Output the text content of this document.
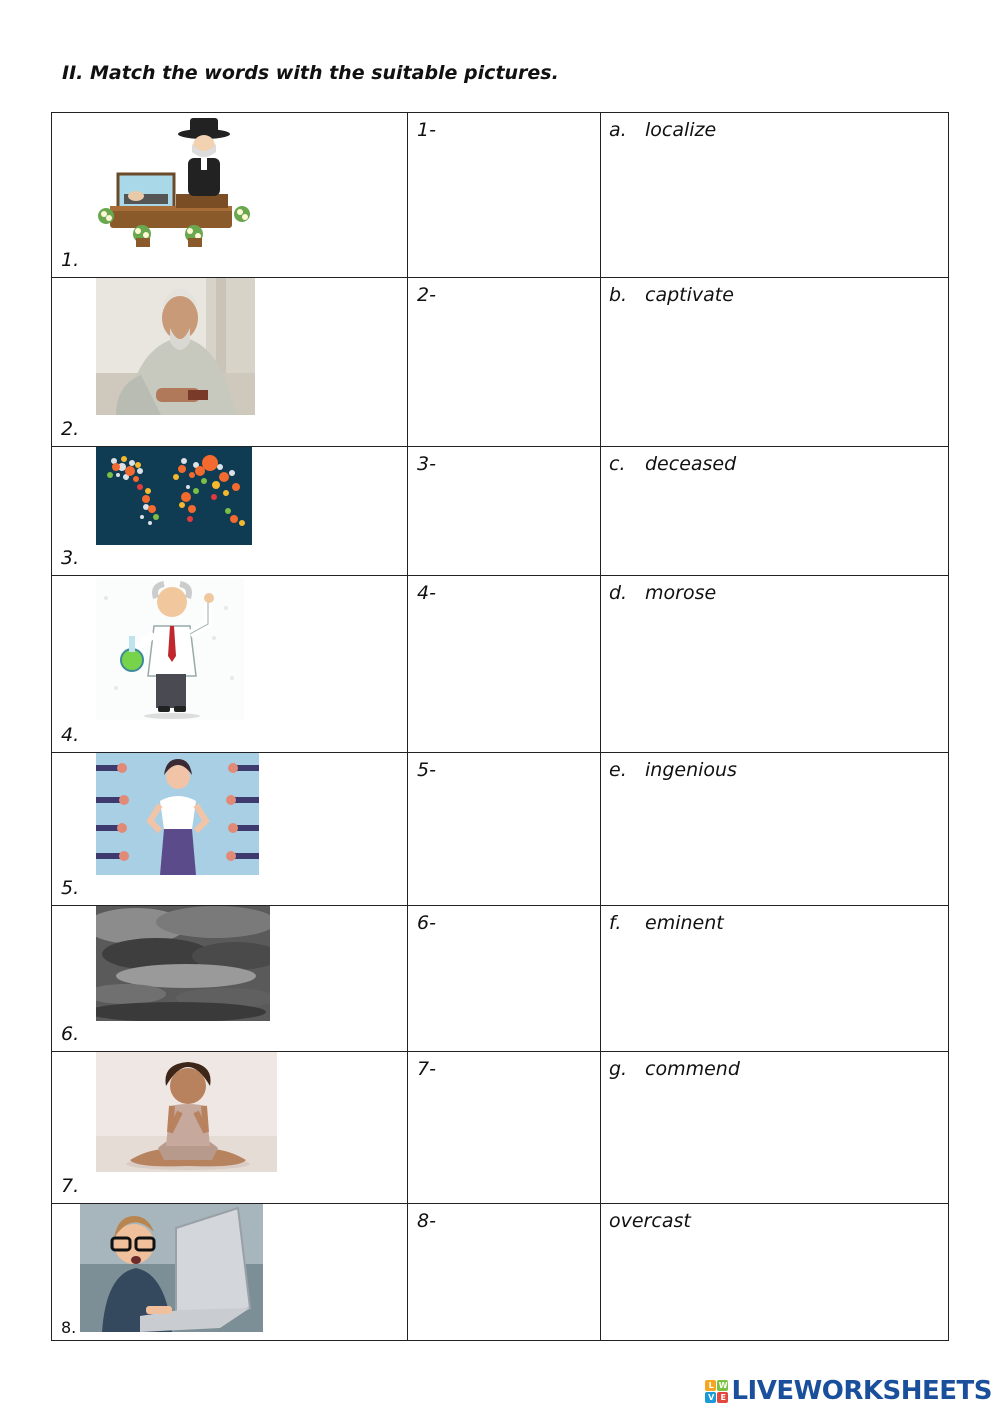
II. Match the words with the suitable pictures.
1.	1-	a. localize

2.	2-	b. captivate

3.	3-	c. deceased

4.	4-	d. morose

5.	5-	e. ingenious

6.	6-	f. eminent

7.	7-	g. commend

8.	8-	overcast
L W
V E LIVEWORKSHEETS
